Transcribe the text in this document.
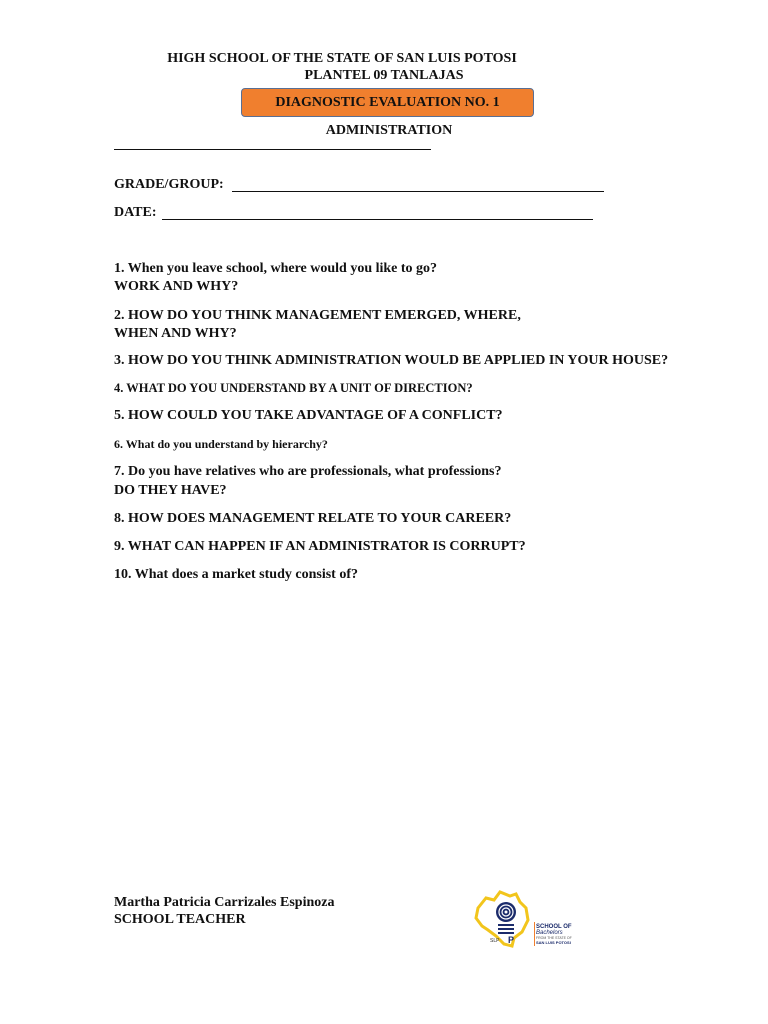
HIGH SCHOOL OF THE STATE OF SAN LUIS POTOSI

PLANTEL 09 TANLAJAS

DIAGNOSTIC EVALUATION NO. 1

ADMINISTRATION

GRADE/GROUP:
DATE:

1. When you leave school, where would you like to go?

WORK AND WHY?

2. HOW DO YOU THINK MANAGEMENT EMERGED, WHERE,

WHEN AND WHY?

3. HOW DO YOU THINK ADMINISTRATION WOULD BE APPLIED IN YOUR HOUSE?

4. WHAT DO YOU UNDERSTAND BY A UNIT OF DIRECTION?

5. HOW COULD YOU TAKE ADVANTAGE OF A CONFLICT?

6. What do you understand by hierarchy?

7. Do you have relatives who are professionals, what professions?

DO THEY HAVE?

8. HOW DOES MANAGEMENT RELATE TO YOUR CAREER?

9. WHAT CAN HAPPEN IF AN ADMINISTRATOR IS CORRUPT?

10. What does a market study consist of?

Martha Patricia Carrizales Espinoza

SCHOOL TEACHER

SLP P
SCHOOL OF
Bachelors
FROM THE STATE OF
SAN LUIS POTOSI
